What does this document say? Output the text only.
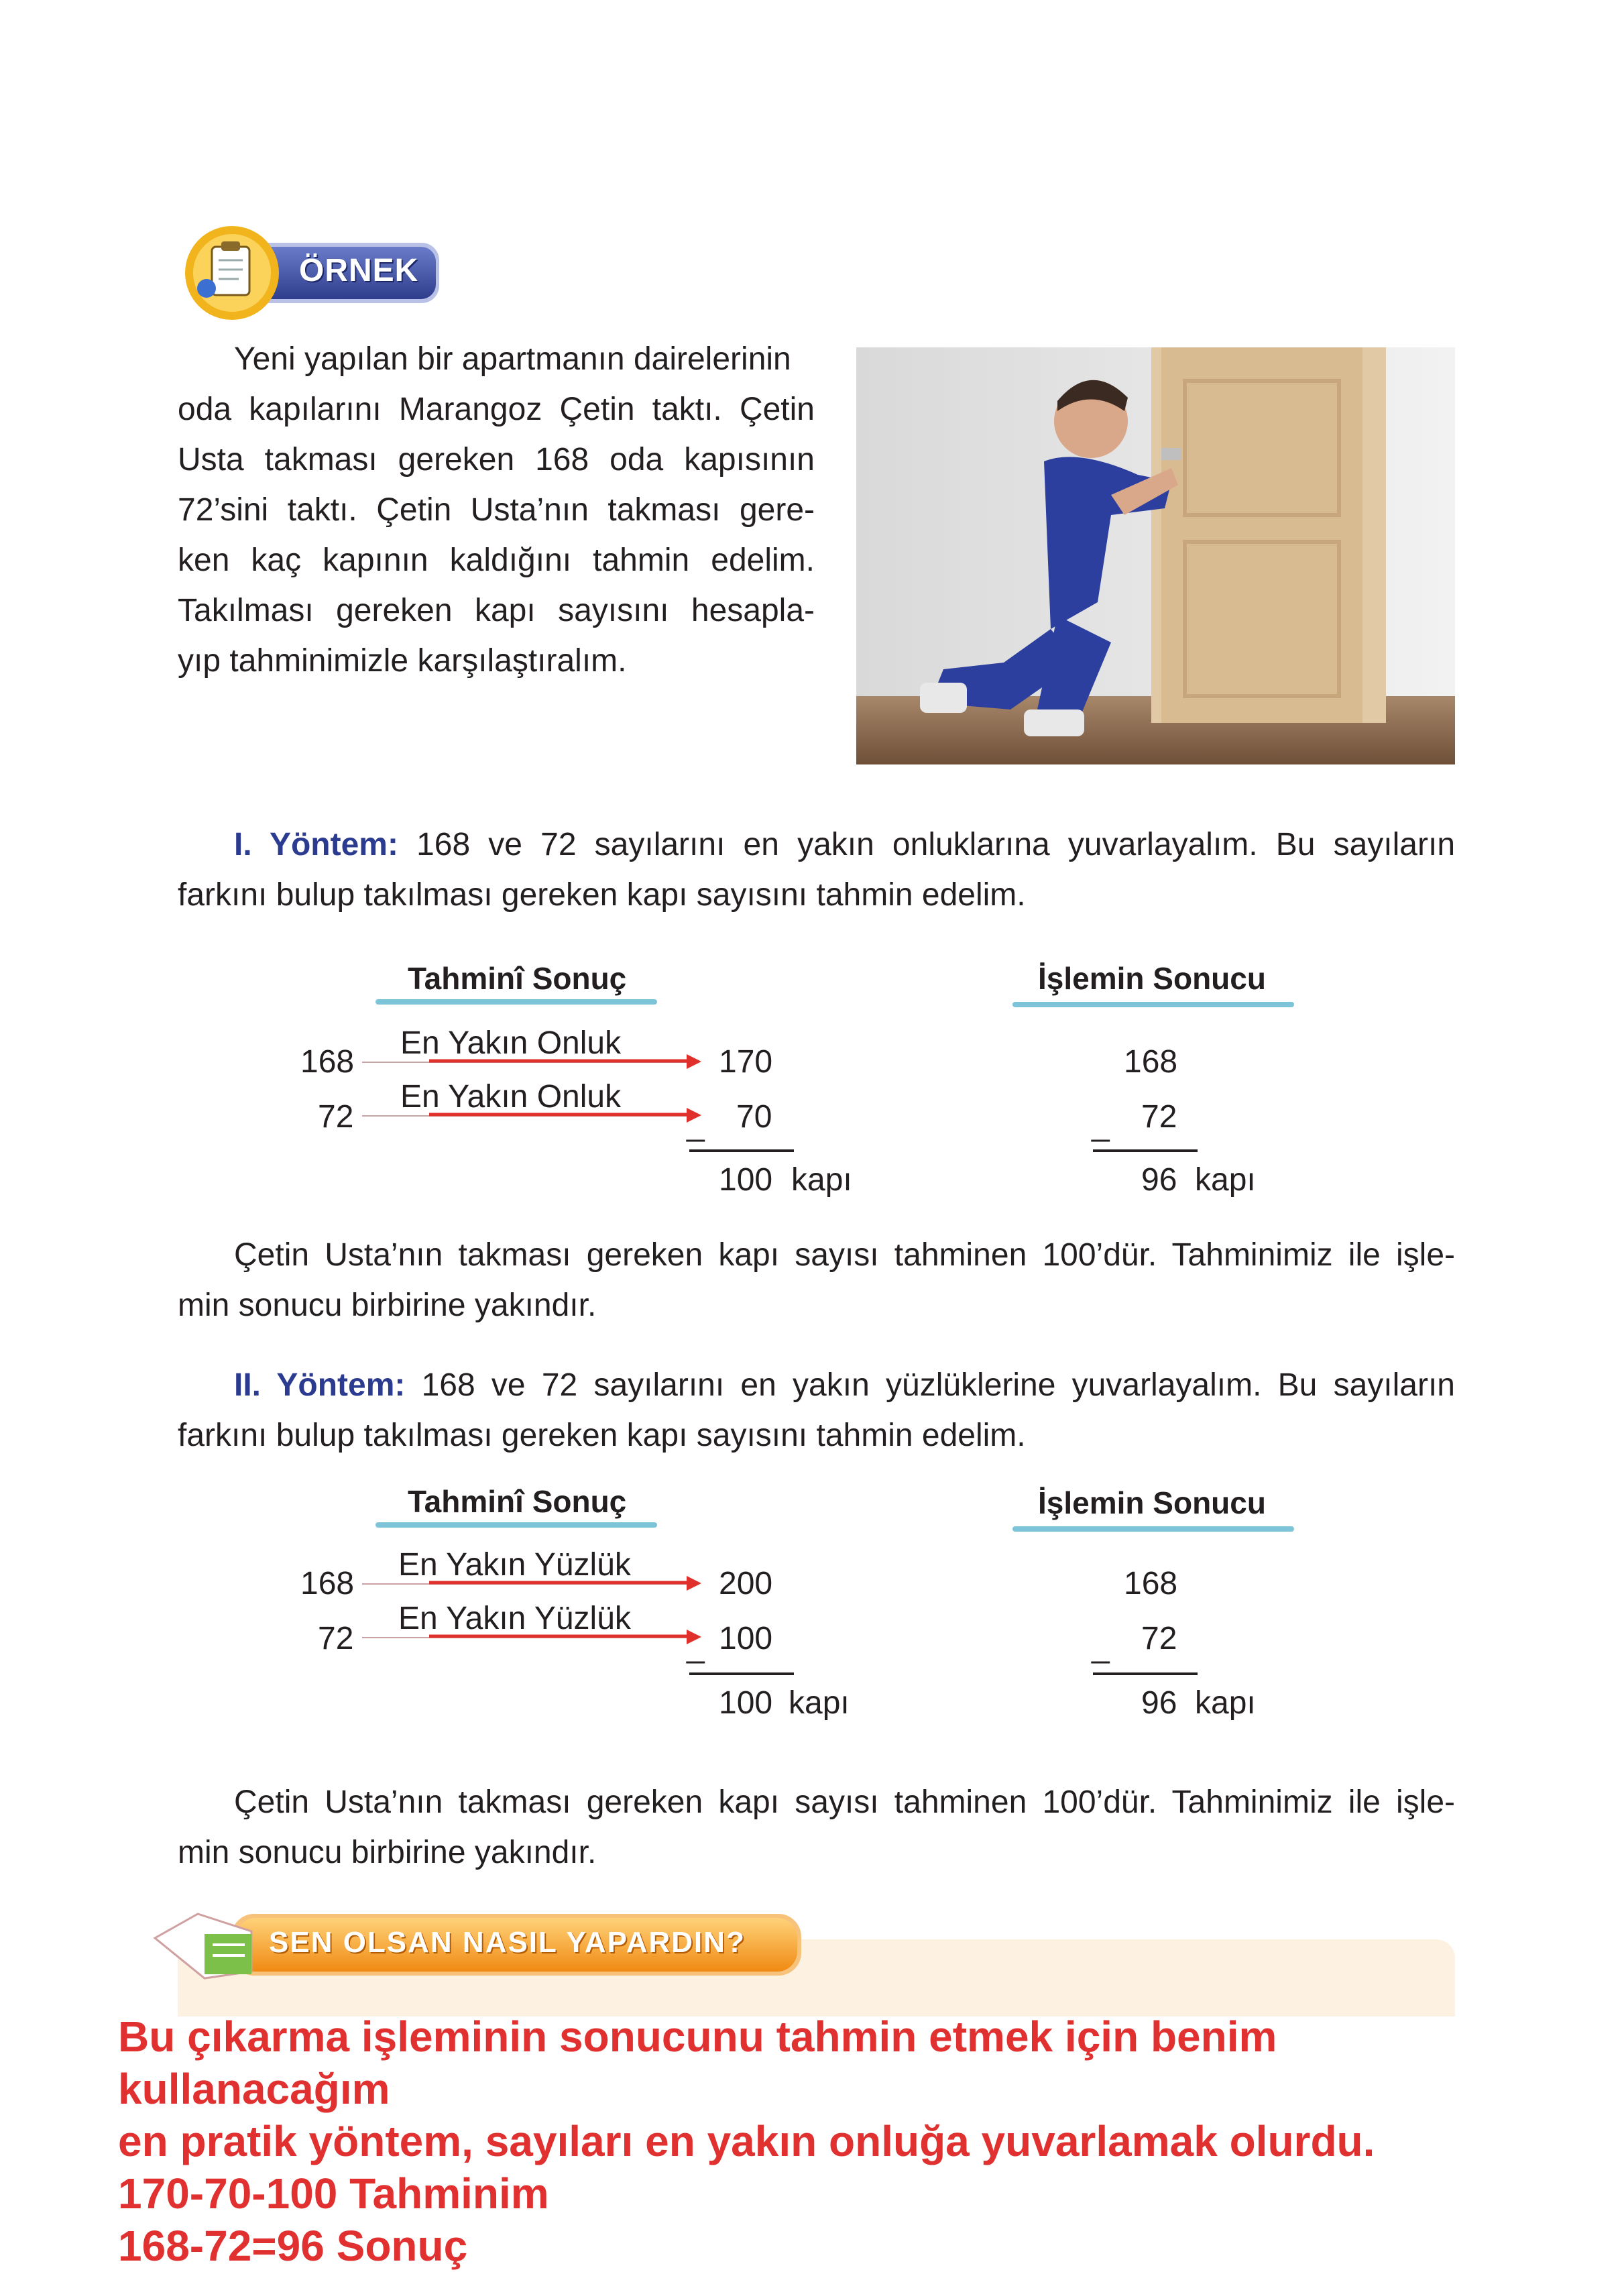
ÖRNEK
Yeni yapılan bir apartmanın dairelerinin
oda kapılarını Marangoz Çetin taktı. Çetin
Usta takması gereken 168 oda kapısının
72’sini taktı. Çetin Usta’nın takması gere-
ken kaç kapının kaldığını tahmin edelim.
Takılması gereken kapı sayısını hesapla-
yıp tahminimizle karşılaştıralım.
I. Yöntem: 168 ve 72 sayılarını en yakın onluklarına yuvarlayalım. Bu sayıların
farkını bulup takılması gereken kapı sayısını tahmin edelim.
Tahminî Sonuç	İşlemin Sonucu
168
72
En Yakın Onluk
En Yakın Onluk
170
_ 70
100 kapı
168
_ 72
96 kapı
Çetin Usta’nın takması gereken kapı sayısı tahminen 100’dür. Tahminimiz ile işle-
min sonucu birbirine yakındır.
II. Yöntem: 168 ve 72 sayılarını en yakın yüzlüklerine yuvarlayalım. Bu sayıların
farkını bulup takılması gereken kapı sayısını tahmin edelim.
Tahminî Sonuç	İşlemin Sonucu
168
72
En Yakın Yüzlük
En Yakın Yüzlük
200
_ 100
100 kapı
168
_ 72
96 kapı
Çetin Usta’nın takması gereken kapı sayısı tahminen 100’dür. Tahminimiz ile işle-
min sonucu birbirine yakındır.
SEN OLSAN NASIL YAPARDIN?
Bu çıkarma işleminin sonucunu tahmin etmek için benim
kullanacağım
en pratik yöntem, sayıları en yakın onluğa yuvarlamak olurdu.
170-70-100 Tahminim
168-72=96 Sonuç
